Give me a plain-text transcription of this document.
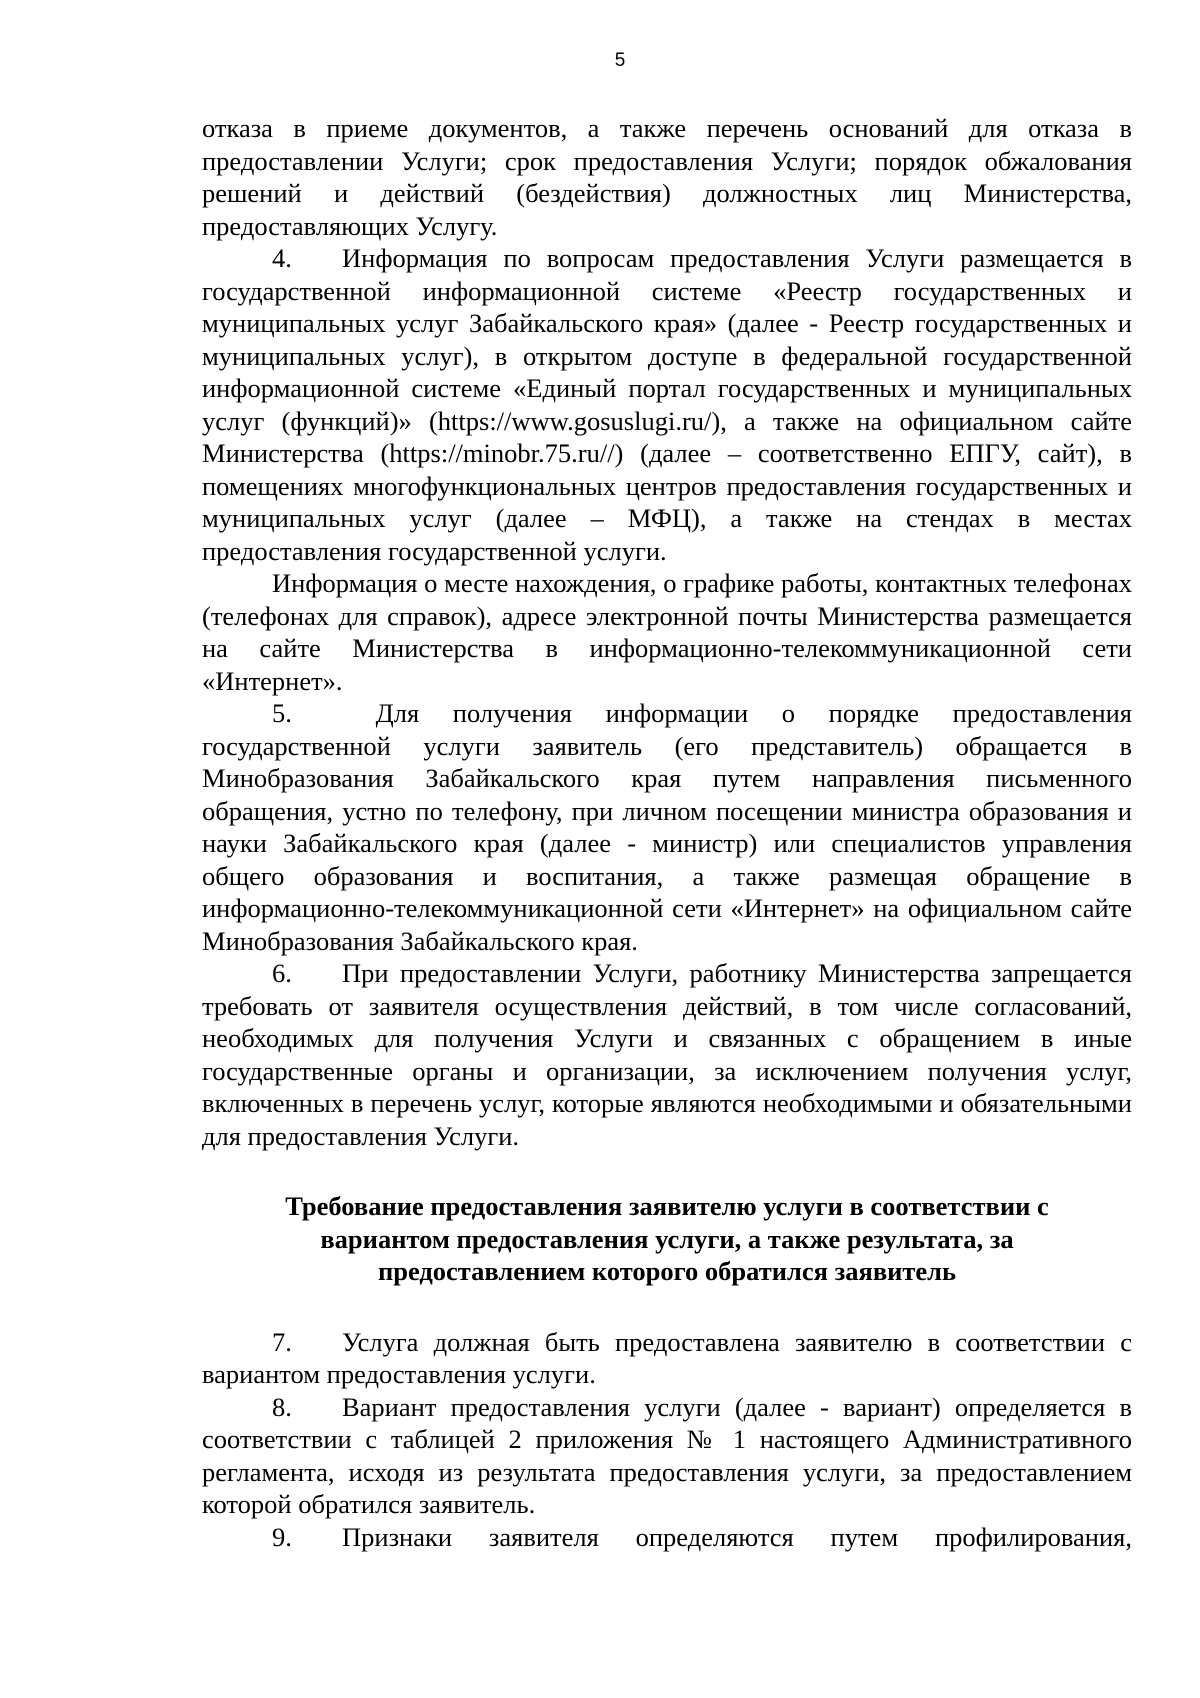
5

отказа в приеме документов, а также перечень оснований для отказа в предоставлении Услуги; срок предоставления Услуги; порядок обжалования решений и действий (бездействия) должностных лиц Министерства, предоставляющих Услугу.

4. Информация по вопросам предоставления Услуги размещается в государственной информационной системе «Реестр государственных и муниципальных услуг Забайкальского края» (далее - Реестр государственных и муниципальных услуг), в открытом доступе в федеральной государственной информационной системе «Единый портал государственных и муниципальных услуг (функций)» (https://www.gosuslugi.ru/), а также на официальном сайте Министерства (https://minobr.75.ru//) (далее – соответственно ЕПГУ, сайт), в помещениях многофункциональных центров предоставления государственных и муниципальных услуг (далее – МФЦ), а также на стендах в местах предоставления государственной услуги.

Информация о месте нахождения, о графике работы, контактных телефонах (телефонах для справок), адресе электронной почты Министерства размещается на сайте Министерства в информационно-телекоммуникационной сети «Интернет».

5. Для получения информации о порядке предоставления государственной услуги заявитель (его представитель) обращается в Минобразования Забайкальского края путем направления письменного обращения, устно по телефону, при личном посещении министра образования и науки Забайкальского края (далее - министр) или специалистов управления общего образования и воспитания, а также размещая обращение в информационно-телекоммуникационной сети «Интернет» на официальном сайте Минобразования Забайкальского края.

6. При предоставлении Услуги, работнику Министерства запрещается требовать от заявителя осуществления действий, в том числе согласований, необходимых для получения Услуги и связанных с обращением в иные государственные органы и организации, за исключением получения услуг, включенных в перечень услуг, которые являются необходимыми и обязательными для предоставления Услуги.

Требование предоставления заявителю услуги в соответствии с вариантом предоставления услуги, а также результата, за предоставлением которого обратился заявитель

7. Услуга должная быть предоставлена заявителю в соответствии с вариантом предоставления услуги.

8. Вариант предоставления услуги (далее - вариант) определяется в соответствии с таблицей 2 приложения № 1 настоящего Административного регламента, исходя из результата предоставления услуги, за предоставлением которой обратился заявитель.

9. Признаки заявителя определяются путем профилирования,
